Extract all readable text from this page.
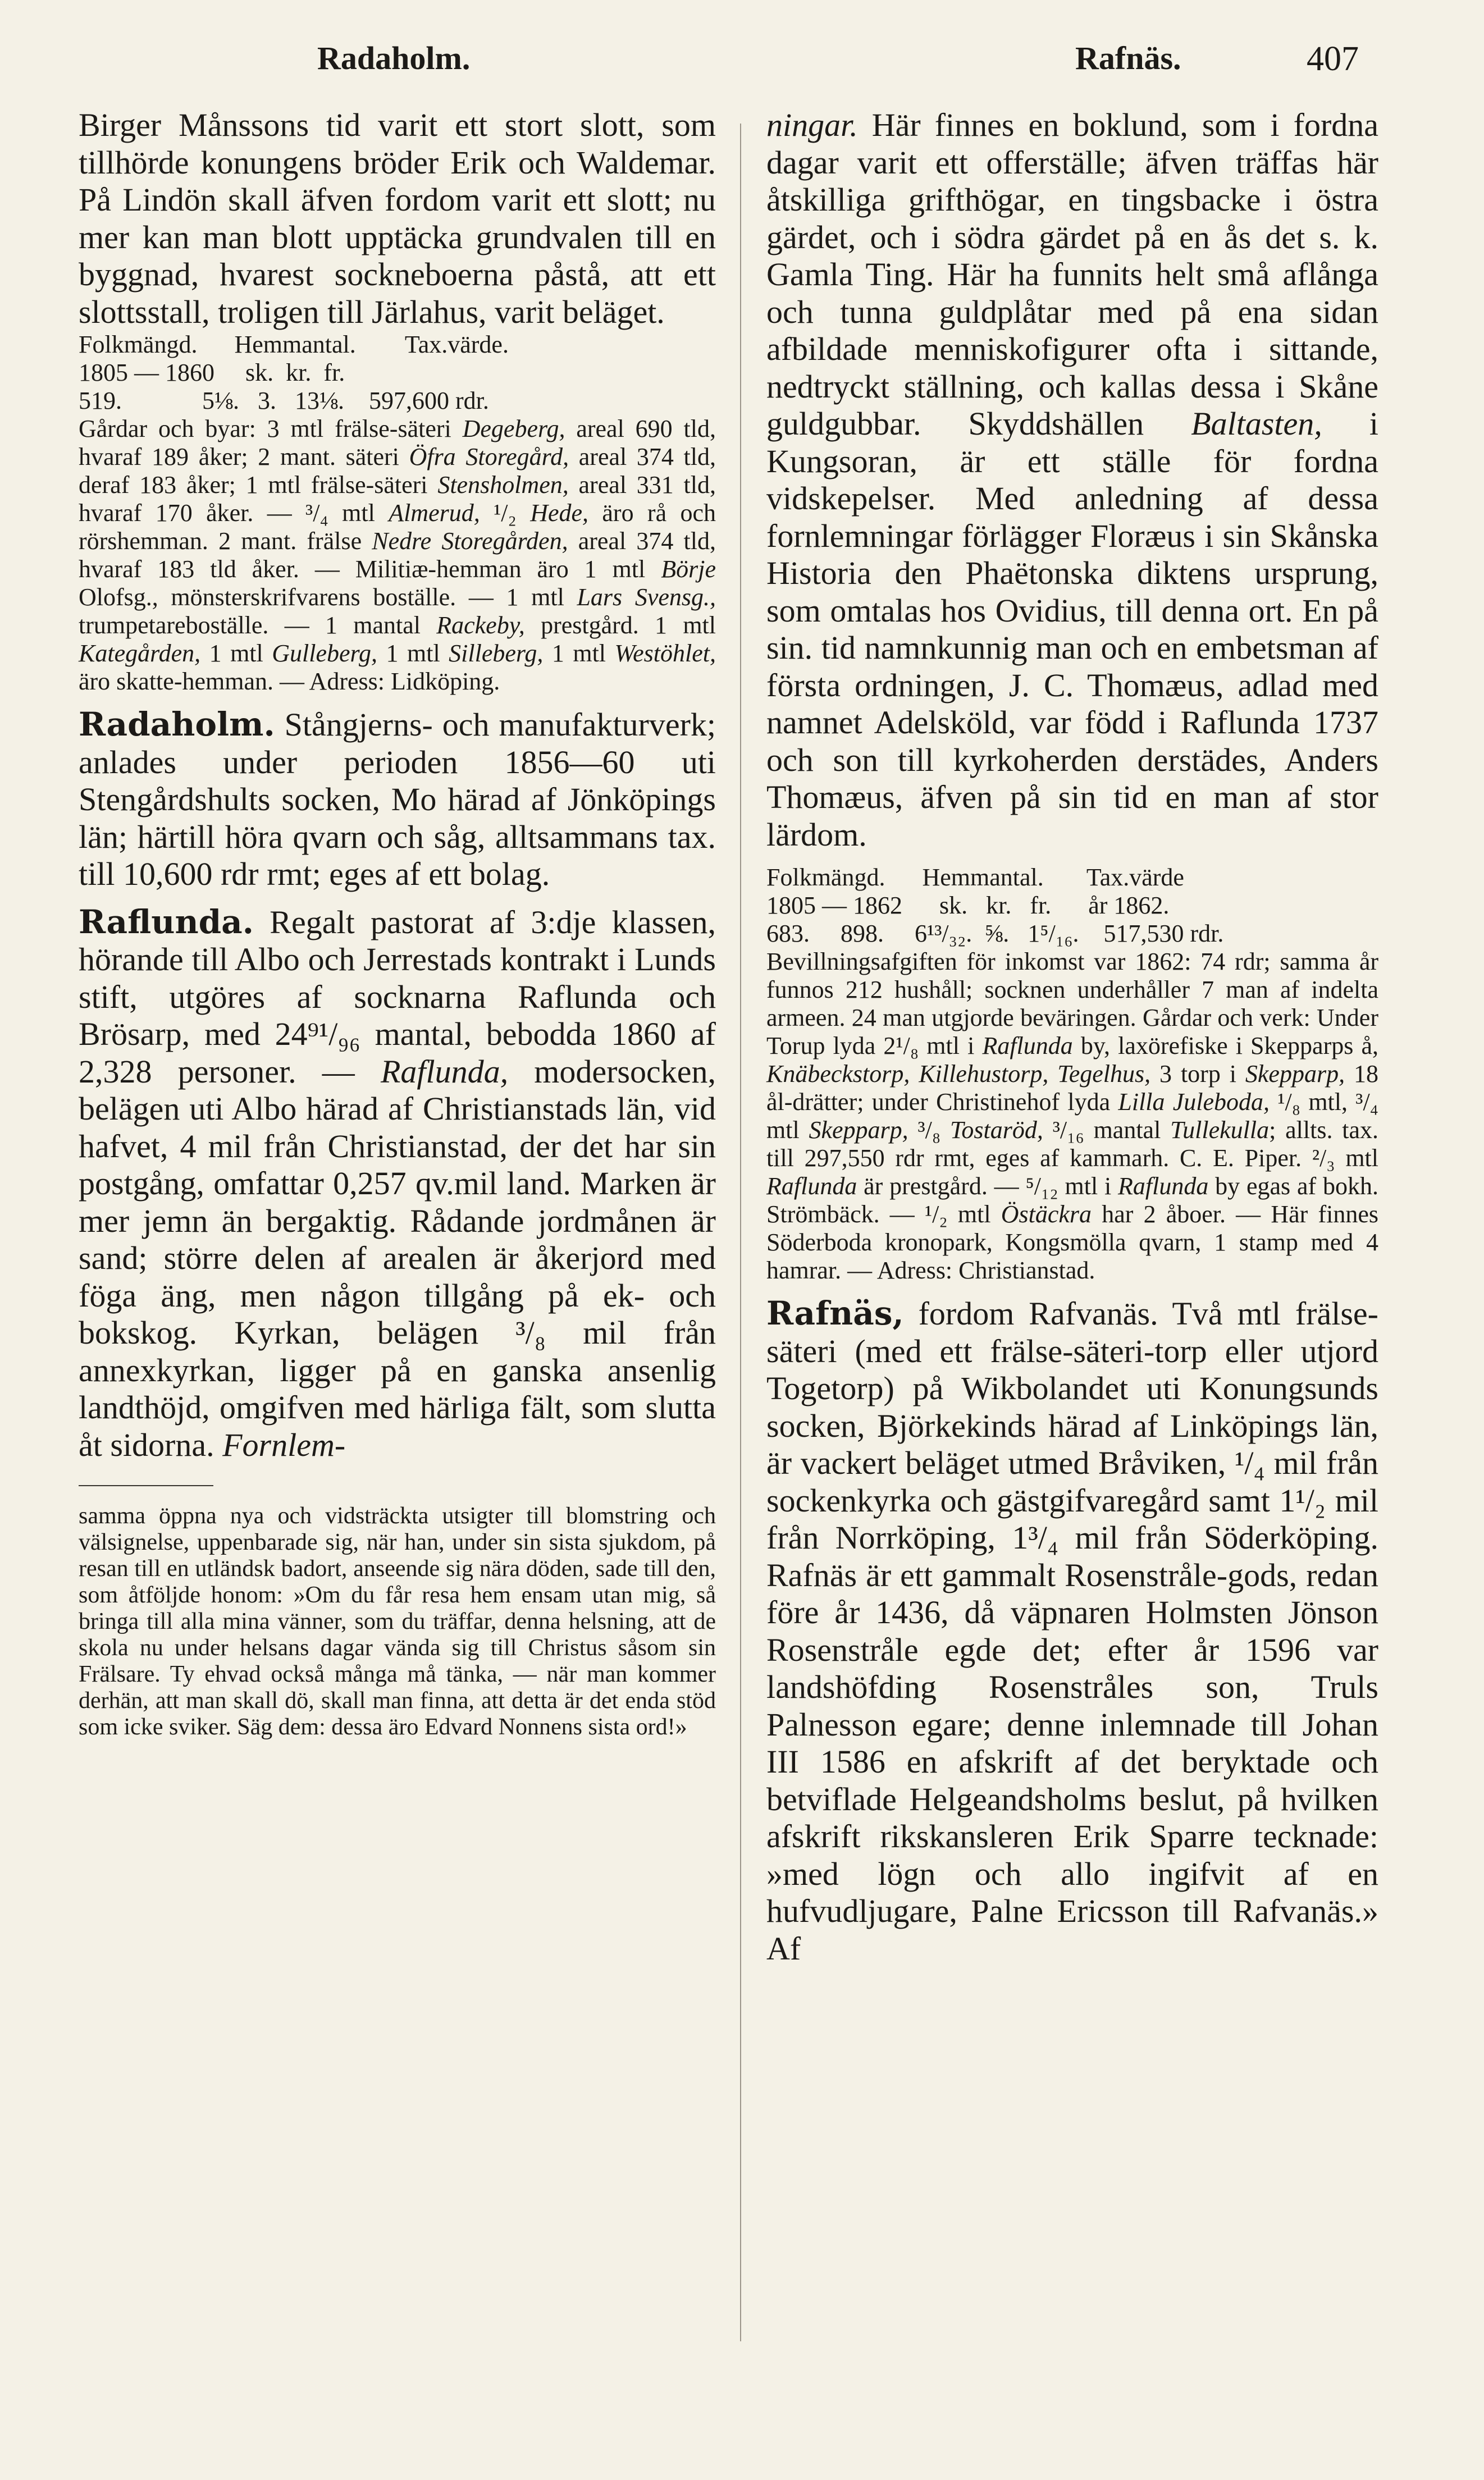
Radaholm.	Rafnäs.	407

Birger Månssons tid varit ett stort slott, som tillhörde konungens bröder Erik och Waldemar. På Lindön skall äfven fordom varit ett slott; nu mer kan man blott upptäcka grundvalen till en byggnad, hvarest sockneboerna påstå, att ett slottsstall, troligen till Järlahus, varit beläget.

Folkmängd.      Hemmantal.        Tax.värde.
1805 — 1860     sk.  kr.  fr.
519.             5⅛.   3.   13⅛.    597,600 rdr.

Gårdar och byar: 3 mtl frälse-säteri Degeberg, areal 690 tld, hvaraf 189 åker; 2 mant. säteri Öfra Storegård, areal 374 tld, deraf 183 åker; 1 mtl frälse-säteri Stensholmen, areal 331 tld, hvaraf 170 åker. — ³/₄ mtl Almerud, ¹/₂ Hede, äro rå och rörshemman. 2 mant. frälse Nedre Storegården, areal 374 tld, hvaraf 183 tld åker. — Militiæ-hemman äro 1 mtl Börje Olofsg., mönsterskrifvarens boställe. — 1 mtl Lars Svensg., trumpetareboställe. — 1 mantal Rackeby, prestgård. 1 mtl Kategården, 1 mtl Gulleberg, 1 mtl Silleberg, 1 mtl Westöhlet, äro skatte-hemman. — Adress: Lidköping.

Radaholm. Stångjerns- och manufakturverk; anlades under perioden 1856—60 uti Stengårdshults socken, Mo härad af Jönköpings län; härtill höra qvarn och såg, alltsammans tax. till 10,600 rdr rmt; eges af ett bolag.

Raflunda. Regalt pastorat af 3:dje klassen, hörande till Albo och Jerrestads kontrakt i Lunds stift, utgöres af socknarna Raflunda och Brösarp, med 24⁹¹/₉₆ mantal, bebodda 1860 af 2,328 personer. — Raflunda, modersocken, belägen uti Albo härad af Christianstads län, vid hafvet, 4 mil från Christianstad, der det har sin postgång, omfattar 0,257 qv.mil land. Marken är mer jemn än bergaktig. Rådande jordmånen är sand; större delen af arealen är åkerjord med föga äng, men någon tillgång på ek- och bokskog. Kyrkan, belägen ³/₈ mil från annexkyrkan, ligger på en ganska ansenlig landthöjd, omgifven med härliga fält, som slutta åt sidorna. Fornlem-

samma öppna nya och vidsträckta utsigter till blomstring och välsignelse, uppenbarade sig, när han, under sin sista sjukdom, på resan till en utländsk badort, anseende sig nära döden, sade till den, som åtföljde honom: »Om du får resa hem ensam utan mig, så bringa till alla mina vänner, som du träffar, denna helsning, att de skola nu under helsans dagar vända sig till Christus såsom sin Frälsare. Ty ehvad också många må tänka, — när man kommer derhän, att man skall dö, skall man finna, att detta är det enda stöd som icke sviker. Säg dem: dessa äro Edvard Nonnens sista ord!»

ningar. Här finnes en boklund, som i fordna dagar varit ett offerställe; äfven träffas här åtskilliga grifthögar, en tingsbacke i östra gärdet, och i södra gärdet på en ås det s. k. Gamla Ting. Här ha funnits helt små aflånga och tunna guldplåtar med på ena sidan afbildade menniskofigurer ofta i sittande, nedtryckt ställning, och kallas dessa i Skåne guldgubbar. Skyddshällen Baltasten, i Kungsoran, är ett ställe för fordna vidskepelser. Med anledning af dessa fornlemningar förlägger Floræus i sin Skånska Historia den Phaëtonska diktens ursprung, som omtalas hos Ovidius, till denna ort. En på sin. tid namnkunnig man och en embetsman af första ordningen, J. C. Thomæus, adlad med namnet Adelsköld, var född i Raflunda 1737 och son till kyrkoherden derstädes, Anders Thomæus, äfven på sin tid en man af stor lärdom.

Folkmängd.      Hemmantal.       Tax.värde
1805 — 1862      sk.   kr.   fr.      år 1862.
683.     898.     6¹³/₃₂.  ⅝.   1⁵/₁₆.    517,530 rdr.

Bevillningsafgiften för inkomst var 1862: 74 rdr; samma år funnos 212 hushåll; socknen underhåller 7 man af indelta armeen. 24 man utgjorde beväringen. Gårdar och verk: Under Torup lyda 2¹/₈ mtl i Raflunda by, laxörefiske i Skepparps å, Knäbeckstorp, Killehustorp, Tegelhus, 3 torp i Skepparp, 18 ål-drätter; under Christinehof lyda Lilla Juleboda, ¹/₈ mtl, ³/₄ mtl Skepparp, ³/₈ Tostaröd, ³/₁₆ mantal Tullekulla; allts. tax. till 297,550 rdr rmt, eges af kammarh. C. E. Piper. ²/₃ mtl Raflunda är prestgård. — ⁵/₁₂ mtl i Raflunda by egas af bokh. Strömbäck. — ¹/₂ mtl Östäckra har 2 åboer. — Här finnes Söderboda kronopark, Kongsmölla qvarn, 1 stamp med 4 hamrar. — Adress: Christianstad.

Rafnäs, fordom Rafvanäs. Två mtl frälse-säteri (med ett frälse-säteri-torp eller utjord Togetorp) på Wikbolandet uti Konungsunds socken, Björkekinds härad af Linköpings län, är vackert beläget utmed Bråviken, ¹/₄ mil från sockenkyrka och gästgifvaregård samt 1¹/₂ mil från Norrköping, 1³/₄ mil från Söderköping. Rafnäs är ett gammalt Rosenstråle-gods, redan före år 1436, då väpnaren Holmsten Jönson Rosenstråle egde det; efter år 1596 var landshöfding Rosenstråles son, Truls Palnesson egare; denne inlemnade till Johan III 1586 en afskrift af det beryktade och betviflade Helgeandsholms beslut, på hvilken afskrift rikskansleren Erik Sparre tecknade: »med lögn och allo ingifvit af en hufvudljugare, Palne Ericsson till Rafvanäs.» Af
